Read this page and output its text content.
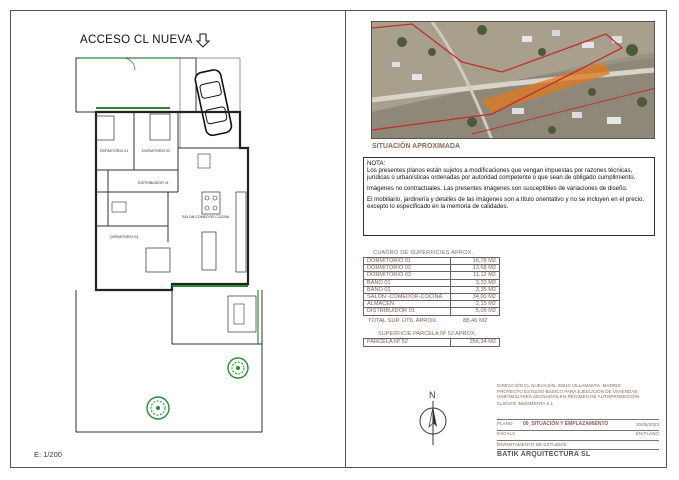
ACCESO CL NUEVA
DORMITORIO 01	DORMITORIO 02
DORMITORIO 03
DISTRIBUIDOR 01
SALON-COMEDOR-COCINA
E: 1/200
SITUACIÓN APROXIMADA

NOTA:

Los presentes planos están sujetos a modificaciones que vengan impuestas por razones técnicas, jurídicas o urbanísticas ordenadas por autoridad competente o que sean de obligado cumplimiento.

Imágenes no contractuales. Las presentes imágenes son susceptibles de variaciones de diseño.

El mobiliario, jardinería y detalles de las imágenes son a título orientativo y no se incluyen en el precio, excepto lo especificado en la memoria de calidades.

CUADRO DE SUPERFICIES APROX.
DORMITORIO 01	16,78 M2
DORMITORIO 02	13,68 M2
DORMITORIO 03	11,12 M2
BAÑO 01	2,33 M2
BAÑO 02	3,35 M2
SALON -COMEDOR-COCINA	34,00 M2
ALMACEN	2,15 M2
DISTRIBUIDOR 01	5,05 M2
TOTAL SUP. ÚTIL APROX.	88,46 M2
SUPERFICIE PARCELA Nº 52 APROX.
PARCELA Nº 52	256,34 M2
N
DIRECCIÓN CL NUEVA S/N. 28610 VILLAMANTA. MADRID
PROYECTO ESTUDIO BÁSICO PARA EJECUCIÓN DE VIVIENDAS UNIFAMILIARES ADOSADAS EN RÉGIMEN DE AUTOPROMOCIÓN
CLIENTE INMOMENTA S.L
PLANO 00_SITUACIÓN Y EMPLAZAMIENTO	20/06/2023
ESCALA	EN PLANO
DEPARTAMENTO DE ESTUDIOS
BATIK ARQUITECTURA SL
